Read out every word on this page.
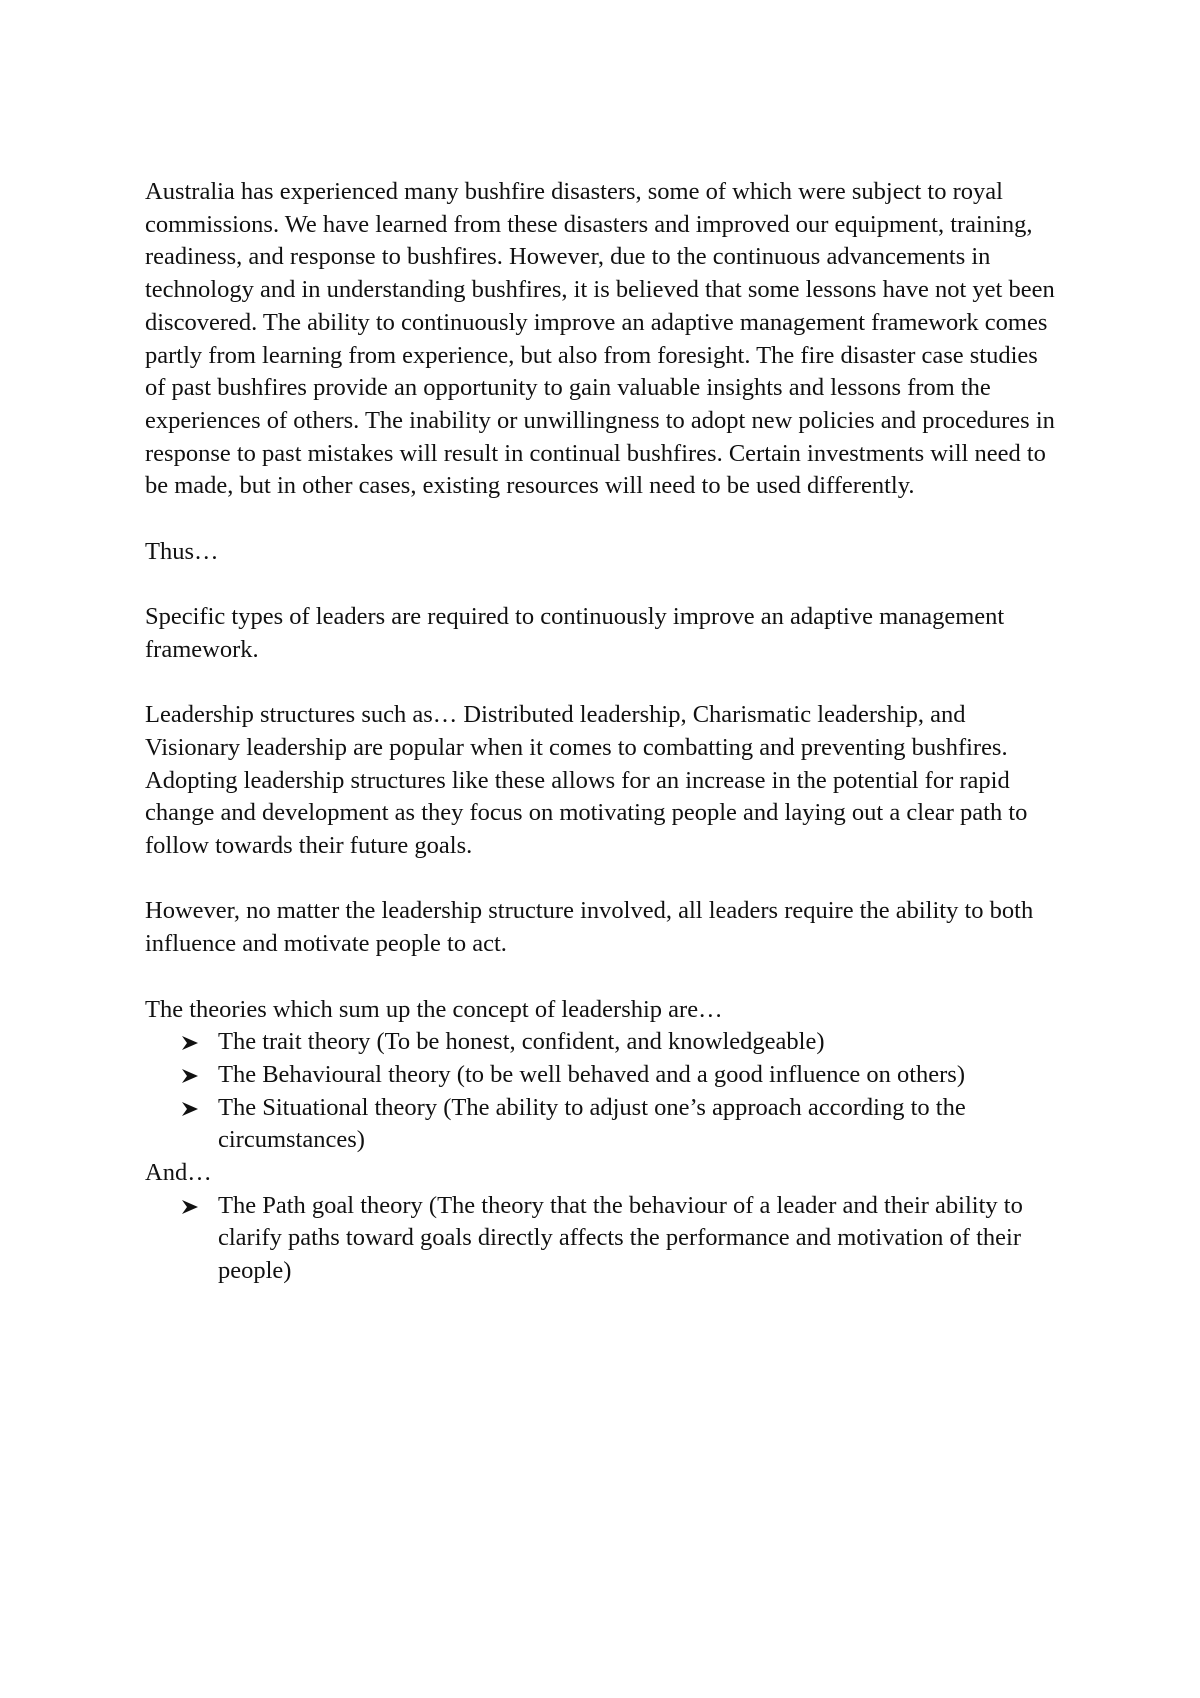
Australia has experienced many bushfire disasters, some of which were subject to royal commissions. We have learned from these disasters and improved our equipment, training, readiness, and response to bushfires. However, due to the continuous advancements in technology and in understanding bushfires, it is believed that some lessons have not yet been discovered. The ability to continuously improve an adaptive management framework comes partly from learning from experience, but also from foresight. The fire disaster case studies of past bushfires provide an opportunity to gain valuable insights and lessons from the experiences of others. The inability or unwillingness to adopt new policies and procedures in response to past mistakes will result in continual bushfires. Certain investments will need to be made, but in other cases, existing resources will need to be used differently.

Thus…

Specific types of leaders are required to continuously improve an adaptive management framework.

Leadership structures such as… Distributed leadership, Charismatic leadership, and Visionary leadership are popular when it comes to combatting and preventing bushfires. Adopting leadership structures like these allows for an increase in the potential for rapid change and development as they focus on motivating people and laying out a clear path to follow towards their future goals.

However, no matter the leadership structure involved, all leaders require the ability to both influence and motivate people to act.

The theories which sum up the concept of leadership are…

The trait theory (To be honest, confident, and knowledgeable)
The Behavioural theory (to be well behaved and a good influence on others)
The Situational theory (The ability to adjust one’s approach according to the circumstances)

And…

The Path goal theory (The theory that the behaviour of a leader and their ability to clarify paths toward goals directly affects the performance and motivation of their people)
